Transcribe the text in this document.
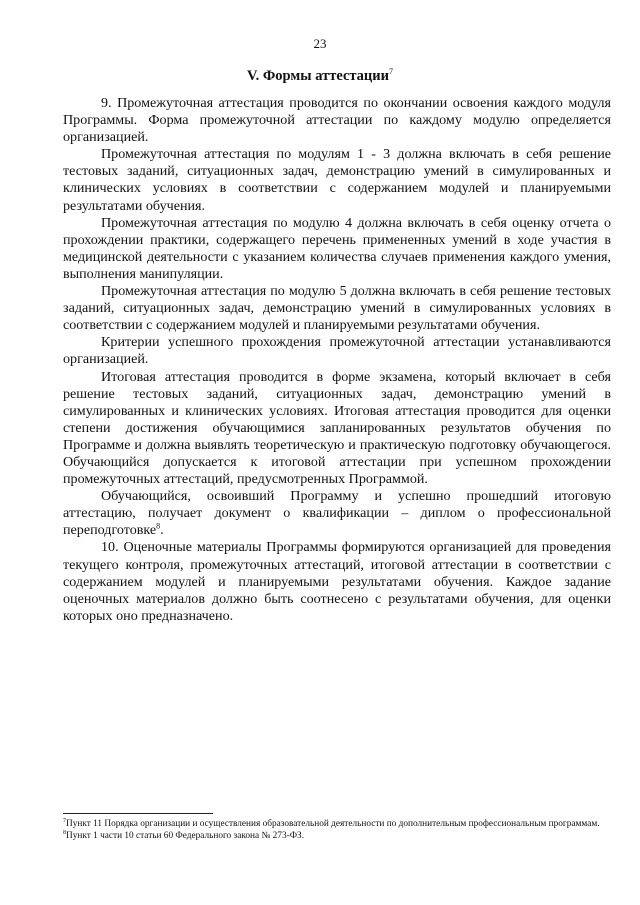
23
V. Формы аттестации$^7$

9. Промежуточная аттестация проводится по окончании освоения каждого модуля Программы. Форма промежуточной аттестации по каждому модулю определяется организацией.

Промежуточная аттестация по модулям 1 - 3 должна включать в себя решение тестовых заданий, ситуационных задач, демонстрацию умений в симулированных и клинических условиях в соответствии с содержанием модулей и планируемыми результатами обучения.

Промежуточная аттестация по модулю 4 должна включать в себя оценку отчета о прохождении практики, содержащего перечень примененных умений в ходе участия в медицинской деятельности с указанием количества случаев применения каждого умения, выполнения манипуляции.

Промежуточная аттестация по модулю 5 должна включать в себя решение тестовых заданий, ситуационных задач, демонстрацию умений в симулированных условиях в соответствии с содержанием модулей и планируемыми результатами обучения.

Критерии успешного прохождения промежуточной аттестации устанавливаются организацией.

Итоговая аттестация проводится в форме экзамена, который включает в себя решение тестовых заданий, ситуационных задач, демонстрацию умений в симулированных и клинических условиях. Итоговая аттестация проводится для оценки степени достижения обучающимися запланированных результатов обучения по Программе и должна выявлять теоретическую и практическую подготовку обучающегося. Обучающийся допускается к итоговой аттестации при успешном прохождении промежуточных аттестаций, предусмотренных Программой.

Обучающийся, освоивший Программу и успешно прошедший итоговую аттестацию, получает документ о квалификации – диплом о профессиональной переподготовке$^8$.

10. Оценочные материалы Программы формируются организацией для проведения текущего контроля, промежуточных аттестаций, итоговой аттестации в соответствии с содержанием модулей и планируемыми результатами обучения. Каждое задание оценочных материалов должно быть соотнесено с результатами обучения, для оценки которых оно предназначено.

$^7$Пункт 11 Порядка организации и осуществления образовательной деятельности по дополнительным профессиональным программам.

$^8$Пункт 1 части 10 статьи 60 Федерального закона № 273-ФЗ.
